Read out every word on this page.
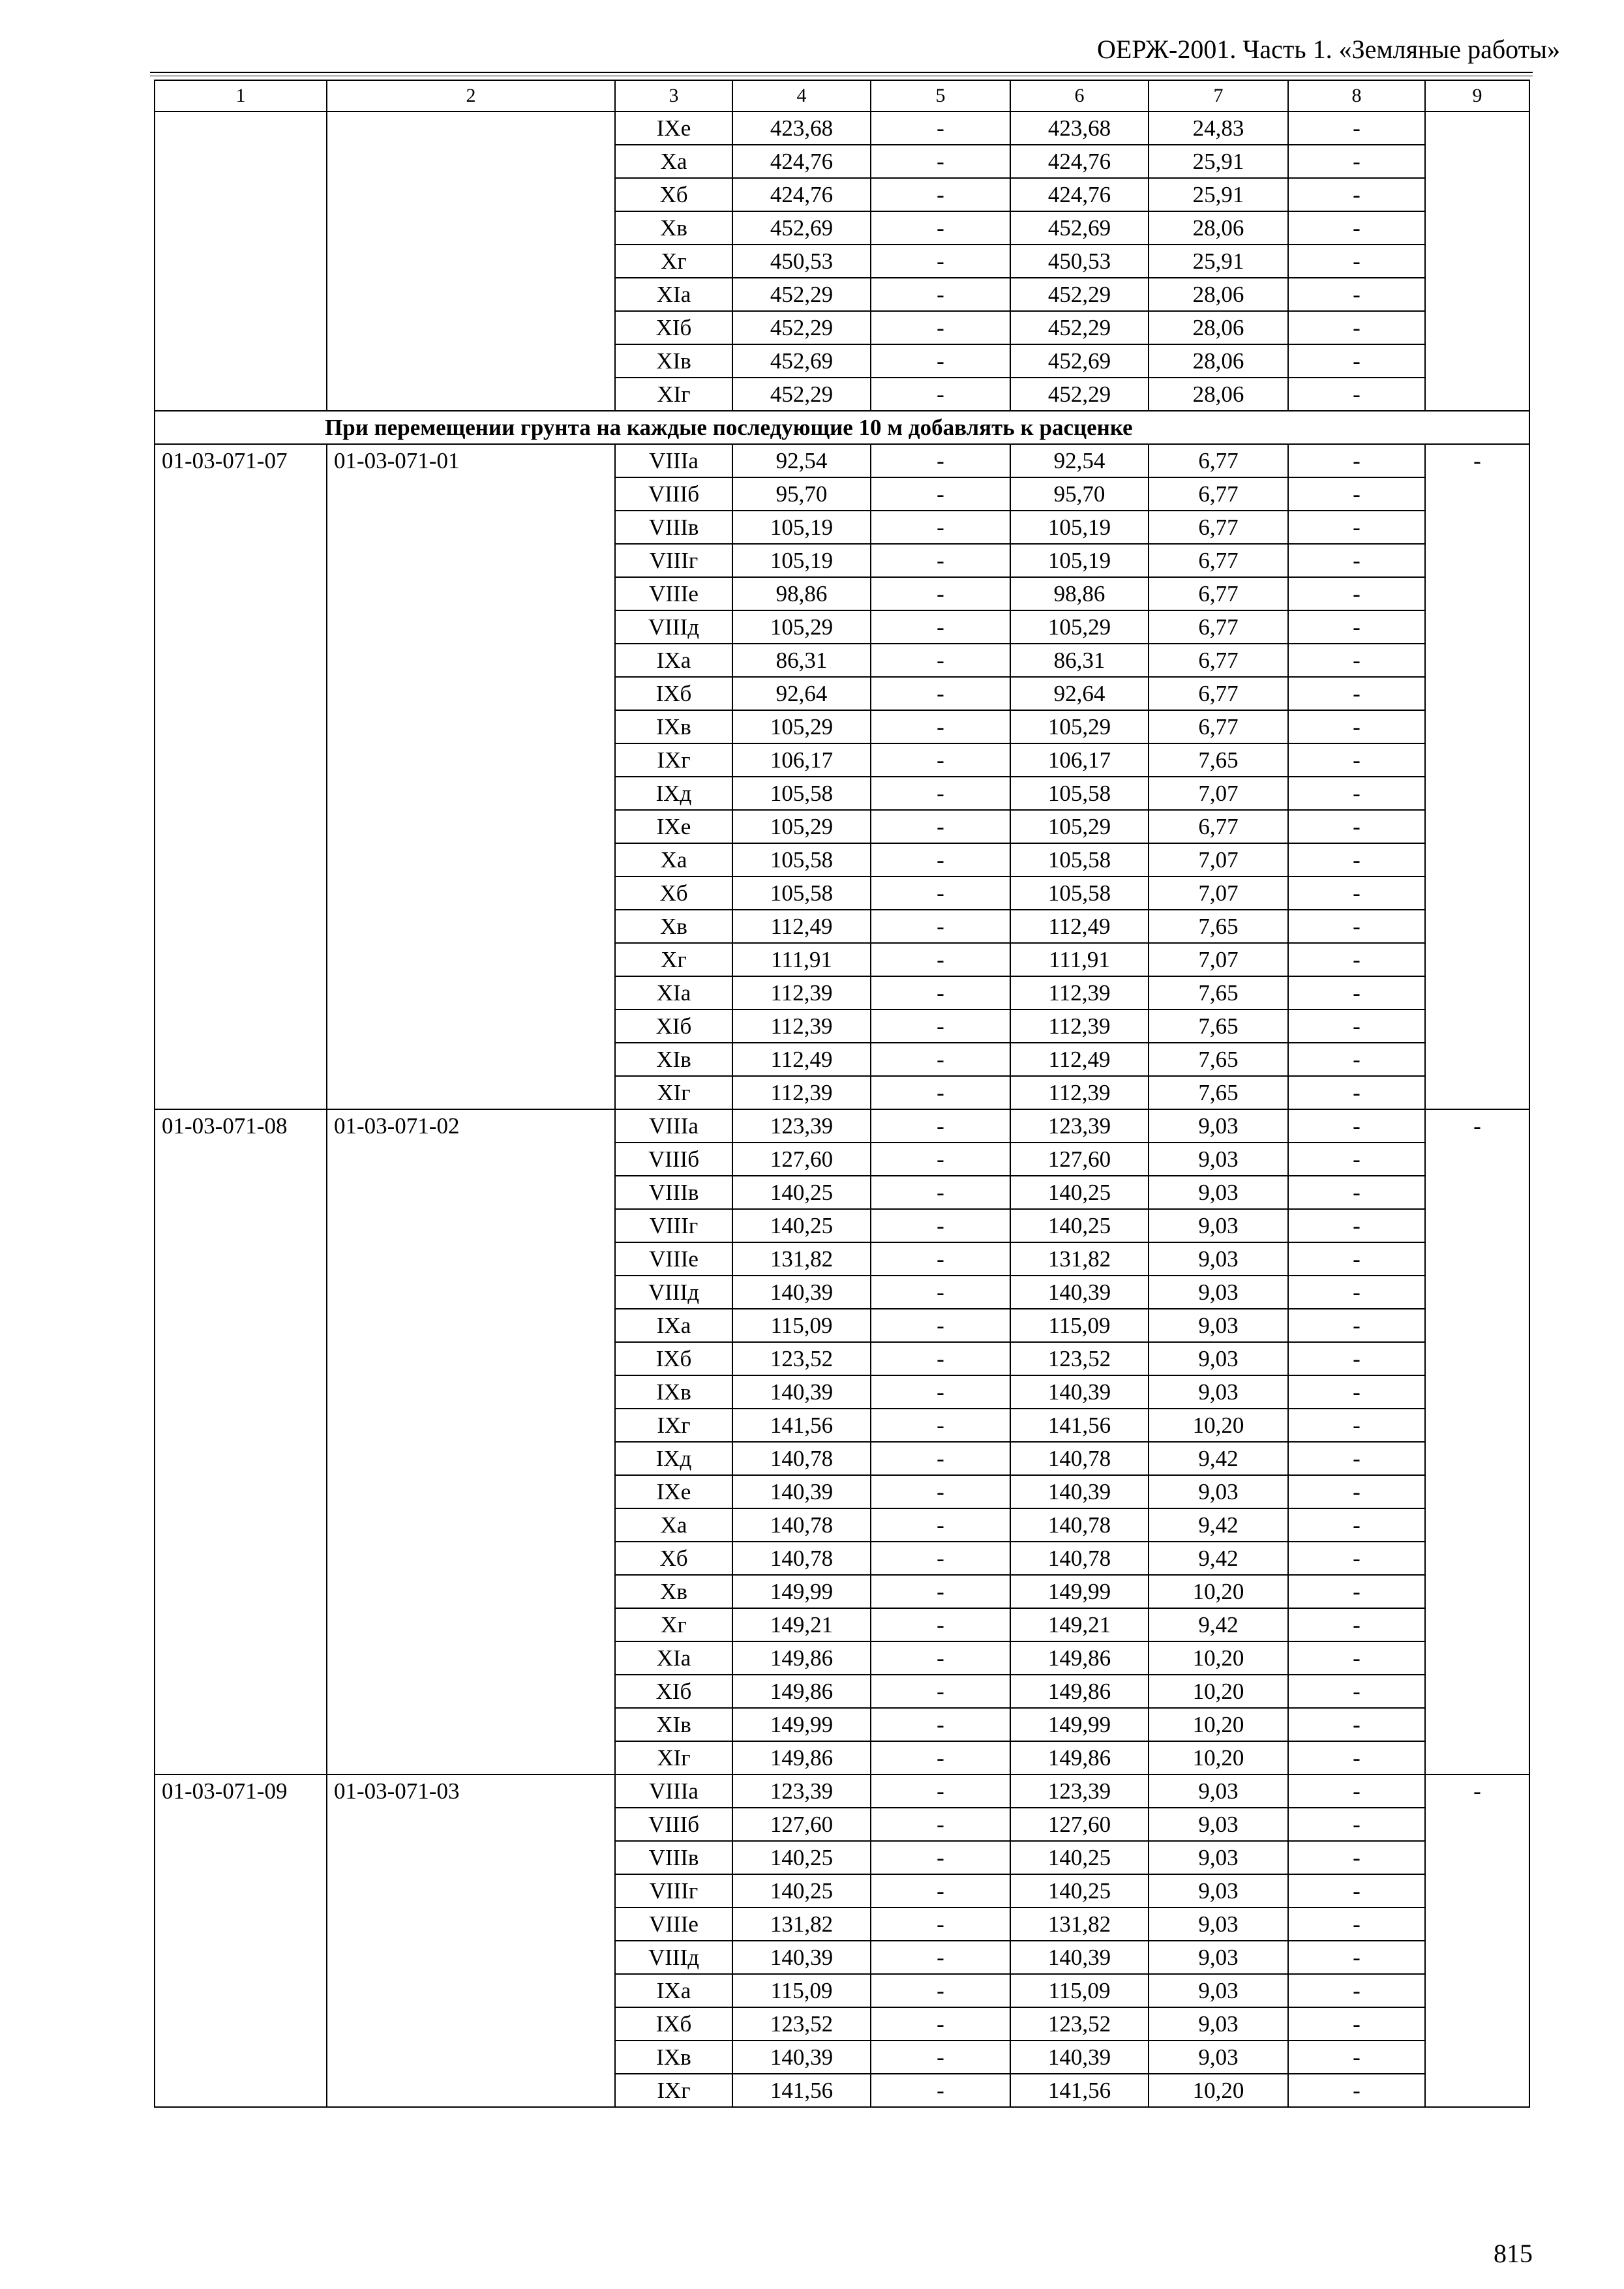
ОЕРЖ-2001. Часть 1. «Земляные работы»
1	2	3	4	5	6	7	8	9
		IXe	423,68	-	423,68	24,83	-	
		Xa	424,76	-	424,76	25,91	-	
		Xб	424,76	-	424,76	25,91	-	
		Xв	452,69	-	452,69	28,06	-	
		Xг	450,53	-	450,53	25,91	-	
		XIa	452,29	-	452,29	28,06	-	
		XIб	452,29	-	452,29	28,06	-	
		XIв	452,69	-	452,69	28,06	-	
		XIг	452,29	-	452,29	28,06	-	
При перемещении грунта на каждые последующие 10 м добавлять к расценке								
01-03-071-07	01-03-071-01	VIIIa	92,54	-	92,54	6,77	-	-
		VIIIб	95,70	-	95,70	6,77	-	
		VIIIв	105,19	-	105,19	6,77	-	
		VIIIг	105,19	-	105,19	6,77	-	
		VIIIe	98,86	-	98,86	6,77	-	
		VIIIд	105,29	-	105,29	6,77	-	
		IXa	86,31	-	86,31	6,77	-	
		IXб	92,64	-	92,64	6,77	-	
		IXв	105,29	-	105,29	6,77	-	
		IXг	106,17	-	106,17	7,65	-	
		IXд	105,58	-	105,58	7,07	-	
		IXe	105,29	-	105,29	6,77	-	
		Xa	105,58	-	105,58	7,07	-	
		Xб	105,58	-	105,58	7,07	-	
		Xв	112,49	-	112,49	7,65	-	
		Xг	111,91	-	111,91	7,07	-	
		XIa	112,39	-	112,39	7,65	-	
		XIб	112,39	-	112,39	7,65	-	
		XIв	112,49	-	112,49	7,65	-	
		XIг	112,39	-	112,39	7,65	-	
01-03-071-08	01-03-071-02	VIIIa	123,39	-	123,39	9,03	-	-
		VIIIб	127,60	-	127,60	9,03	-	
		VIIIв	140,25	-	140,25	9,03	-	
		VIIIг	140,25	-	140,25	9,03	-	
		VIIIe	131,82	-	131,82	9,03	-	
		VIIIд	140,39	-	140,39	9,03	-	
		IXa	115,09	-	115,09	9,03	-	
		IXб	123,52	-	123,52	9,03	-	
		IXв	140,39	-	140,39	9,03	-	
		IXг	141,56	-	141,56	10,20	-	
		IXд	140,78	-	140,78	9,42	-	
		IXe	140,39	-	140,39	9,03	-	
		Xa	140,78	-	140,78	9,42	-	
		Xб	140,78	-	140,78	9,42	-	
		Xв	149,99	-	149,99	10,20	-	
		Xг	149,21	-	149,21	9,42	-	
		XIa	149,86	-	149,86	10,20	-	
		XIб	149,86	-	149,86	10,20	-	
		XIв	149,99	-	149,99	10,20	-	
		XIг	149,86	-	149,86	10,20	-	
01-03-071-09	01-03-071-03	VIIIa	123,39	-	123,39	9,03	-	-
		VIIIб	127,60	-	127,60	9,03	-	
		VIIIв	140,25	-	140,25	9,03	-	
		VIIIг	140,25	-	140,25	9,03	-	
		VIIIe	131,82	-	131,82	9,03	-	
		VIIIд	140,39	-	140,39	9,03	-	
		IXa	115,09	-	115,09	9,03	-	
		IXб	123,52	-	123,52	9,03	-	
		IXв	140,39	-	140,39	9,03	-	
		IXг	141,56	-	141,56	10,20	-	
815
